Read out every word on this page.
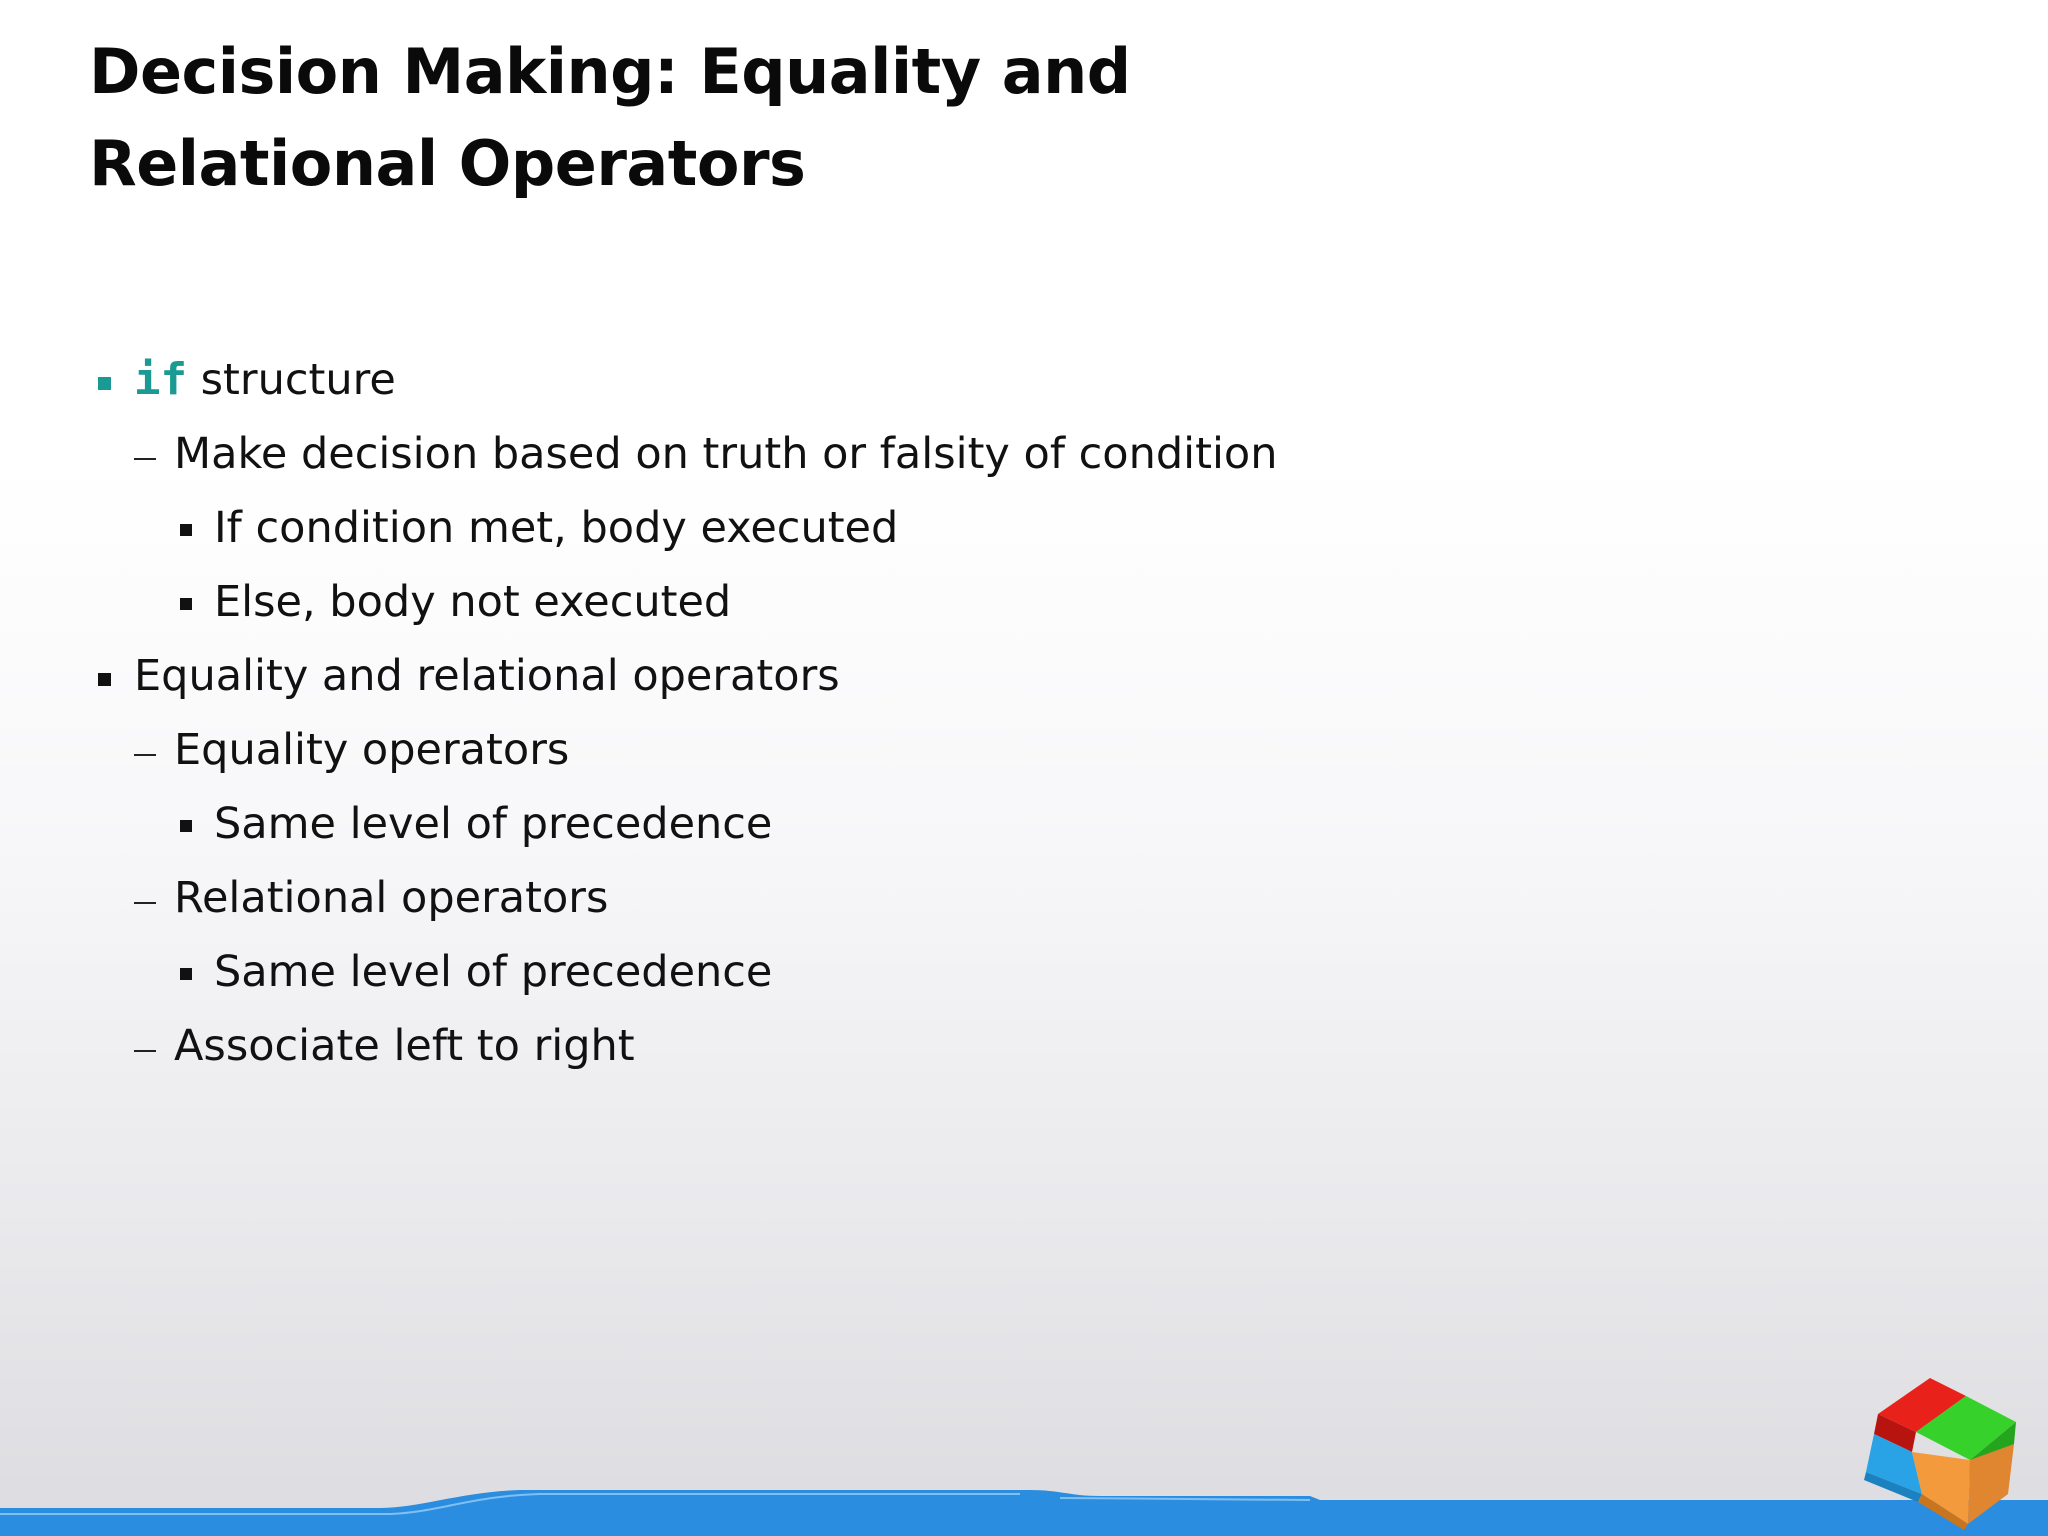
Decision Making: Equality and
Relational Operators
if structure
Make decision based on truth or falsity of condition
If condition met, body executed
Else, body not executed
Equality and relational operators
Equality operators
Same level of precedence
Relational operators
Same level of precedence
Associate left to right
